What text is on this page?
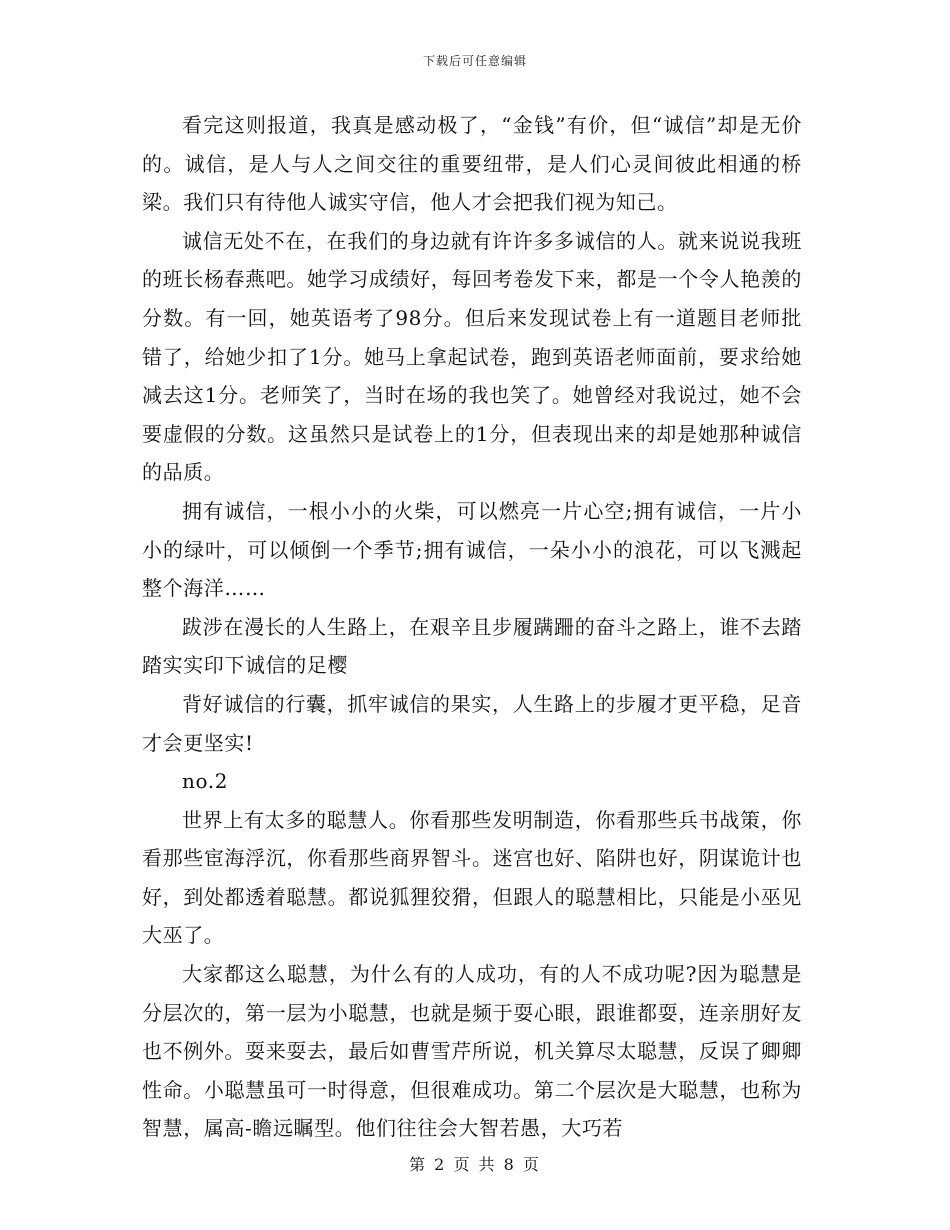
下载后可任意编辑

看完这则报道，我真是感动极了，“金钱”有价，但“诚信”却是无价的。诚信，是人与人之间交往的重要纽带，是人们心灵间彼此相通的桥梁。我们只有待他人诚实守信，他人才会把我们视为知己。

诚信无处不在，在我们的身边就有许许多多诚信的人。就来说说我班的班长杨春燕吧。她学习成绩好，每回考卷发下来，都是一个令人艳羡的分数。有一回，她英语考了98分。但后来发现试卷上有一道题目老师批错了，给她少扣了1分。她马上拿起试卷，跑到英语老师面前，要求给她减去这1分。老师笑了，当时在场的我也笑了。她曾经对我说过，她不会要虚假的分数。这虽然只是试卷上的1分，但表现出来的却是她那种诚信的品质。

拥有诚信，一根小小的火柴，可以燃亮一片心空;拥有诚信，一片小小的绿叶，可以倾倒一个季节;拥有诚信，一朵小小的浪花，可以飞溅起整个海洋……

跋涉在漫长的人生路上，在艰辛且步履蹒跚的奋斗之路上，谁不去踏踏实实印下诚信的足樱

背好诚信的行囊，抓牢诚信的果实，人生路上的步履才更平稳，足音才会更坚实!

no.2

世界上有太多的聪慧人。你看那些发明制造，你看那些兵书战策，你看那些宦海浮沉，你看那些商界智斗。迷宫也好、陷阱也好，阴谋诡计也好，到处都透着聪慧。都说狐狸狡猾，但跟人的聪慧相比，只能是小巫见大巫了。

大家都这么聪慧，为什么有的人成功，有的人不成功呢?因为聪慧是分层次的，第一层为小聪慧，也就是频于耍心眼，跟谁都耍，连亲朋好友也不例外。耍来耍去，最后如曹雪芹所说，机关算尽太聪慧，反误了卿卿性命。小聪慧虽可一时得意，但很难成功。第二个层次是大聪慧，也称为智慧，属高-瞻远瞩型。他们往往会大智若愚，大巧若

第 2 页 共 8 页
